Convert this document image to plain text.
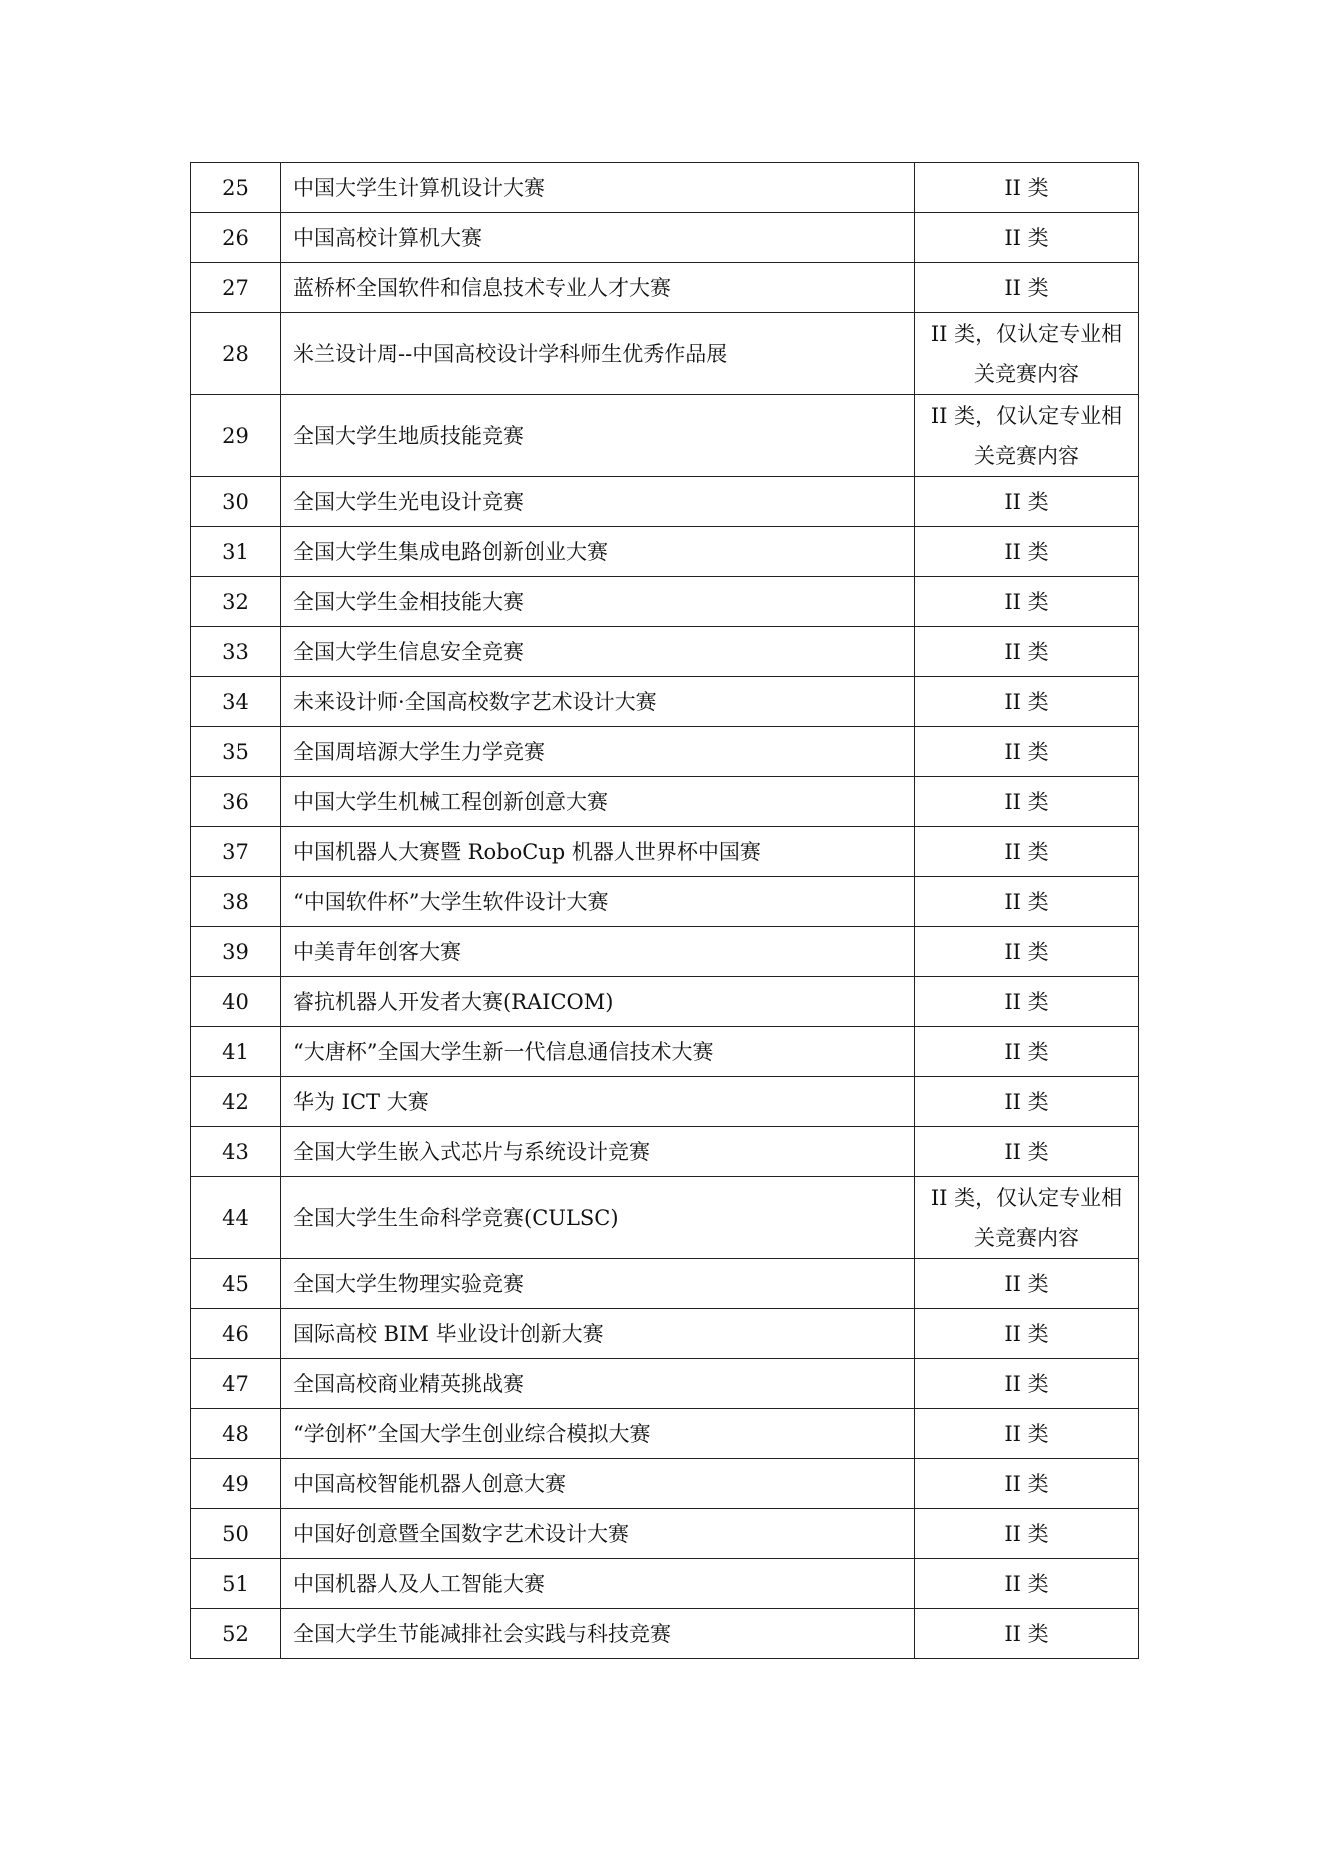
25	中国大学生计算机设计大赛	II 类
26	中国高校计算机大赛	II 类
27	蓝桥杯全国软件和信息技术专业人才大赛	II 类
28	米兰设计周--中国高校设计学科师生优秀作品展	II 类，仅认定专业相关竞赛内容
29	全国大学生地质技能竞赛	II 类，仅认定专业相关竞赛内容
30	全国大学生光电设计竞赛	II 类
31	全国大学生集成电路创新创业大赛	II 类
32	全国大学生金相技能大赛	II 类
33	全国大学生信息安全竞赛	II 类
34	未来设计师·全国高校数字艺术设计大赛	II 类
35	全国周培源大学生力学竞赛	II 类
36	中国大学生机械工程创新创意大赛	II 类
37	中国机器人大赛暨 RoboCup 机器人世界杯中国赛	II 类
38	“中国软件杯”大学生软件设计大赛	II 类
39	中美青年创客大赛	II 类
40	睿抗机器人开发者大赛(RAICOM)	II 类
41	“大唐杯”全国大学生新一代信息通信技术大赛	II 类
42	华为 ICT 大赛	II 类
43	全国大学生嵌入式芯片与系统设计竞赛	II 类
44	全国大学生生命科学竞赛(CULSC)	II 类，仅认定专业相关竞赛内容
45	全国大学生物理实验竞赛	II 类
46	国际高校 BIM 毕业设计创新大赛	II 类
47	全国高校商业精英挑战赛	II 类
48	“学创杯”全国大学生创业综合模拟大赛	II 类
49	中国高校智能机器人创意大赛	II 类
50	中国好创意暨全国数字艺术设计大赛	II 类
51	中国机器人及人工智能大赛	II 类
52	全国大学生节能减排社会实践与科技竞赛	II 类
